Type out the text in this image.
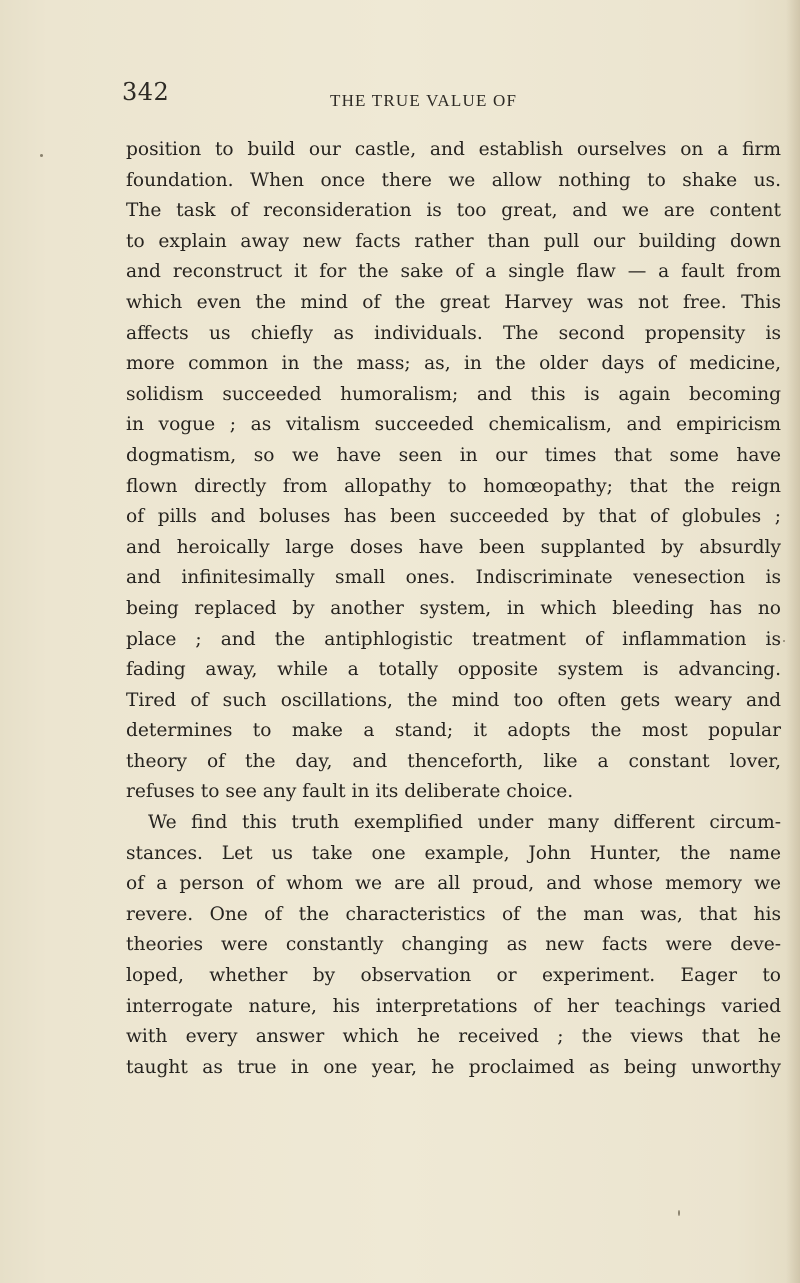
342	THE TRUE VALUE OF
position to build our castle, and establish ourselves on a firm
foundation. When once there we allow nothing to shake us.
The task of reconsideration is too great, and we are content
to explain away new facts rather than pull our building down
and reconstruct it for the sake of a single flaw — a fault from
which even the mind of the great Harvey was not free. This
affects us chiefly as individuals. The second propensity is
more common in the mass; as, in the older days of medicine,
solidism succeeded humoralism; and this is again becoming
in vogue ; as vitalism succeeded chemicalism, and empiricism
dogmatism, so we have seen in our times that some have
flown directly from allopathy to homœopathy; that the reign
of pills and boluses has been succeeded by that of globules ;
and heroically large doses have been supplanted by absurdly
and infinitesimally small ones. Indiscriminate venesection is
being replaced by another system, in which bleeding has no
place ; and the antiphlogistic treatment of inflammation is
fading away, while a totally opposite system is advancing.
Tired of such oscillations, the mind too often gets weary and
determines to make a stand; it adopts the most popular
theory of the day, and thenceforth, like a constant lover,
refuses to see any fault in its deliberate choice.
We find this truth exemplified under many different circum-
stances. Let us take one example, John Hunter, the name
of a person of whom we are all proud, and whose memory we
revere. One of the characteristics of the man was, that his
theories were constantly changing as new facts were deve-
loped, whether by observation or experiment. Eager to
interrogate nature, his interpretations of her teachings varied
with every answer which he received ; the views that he
taught as true in one year, he proclaimed as being unworthy
